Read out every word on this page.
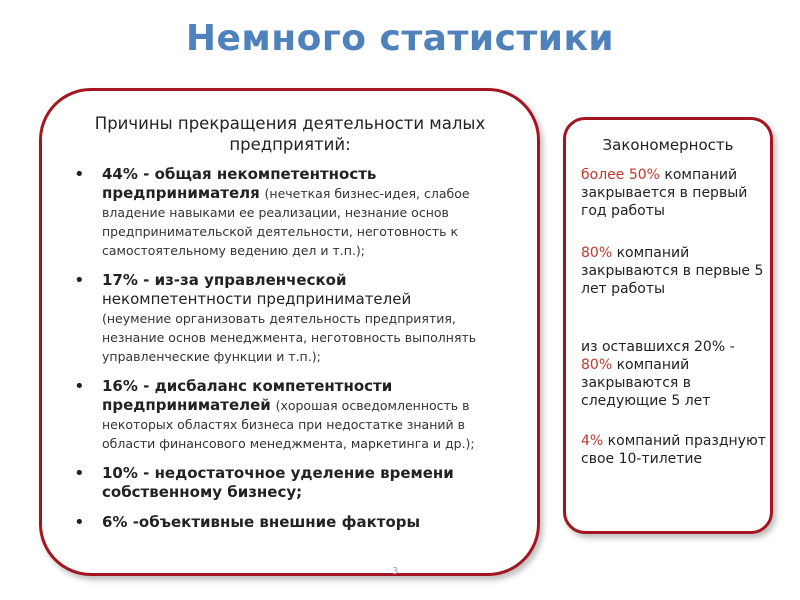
Немного статистики
Причины прекращения деятельности малых предприятий:
• 44% - общая некомпетентность предпринимателя (нечеткая бизнес-идея, слабое владение навыками ее реализации, незнание основ предпринимательской деятельности, неготовность к самостоятельному ведению дел и т.п.);
• 17% - из-за управленческой
некомпетентности предпринимателей
(неумение организовать деятельность предприятия, незнание основ менеджмента, неготовность выполнять управленческие функции и т.п.);
• 16% - дисбаланс компетентности предпринимателей (хорошая осведомленность в некоторых областях бизнеса при недостатке знаний в области финансового менеджмента, маркетинга и др.);
• 10% - недостаточное уделение времени собственному бизнесу;
• 6% -объективные внешние факторы
Закономерность
более 50% компаний закрывается в первый год работы
80% компаний закрываются в первые 5 лет работы
из оставшихся 20% -
80% компаний закрываются в следующие 5 лет
4% компаний празднуют свое 10-тилетие
3
